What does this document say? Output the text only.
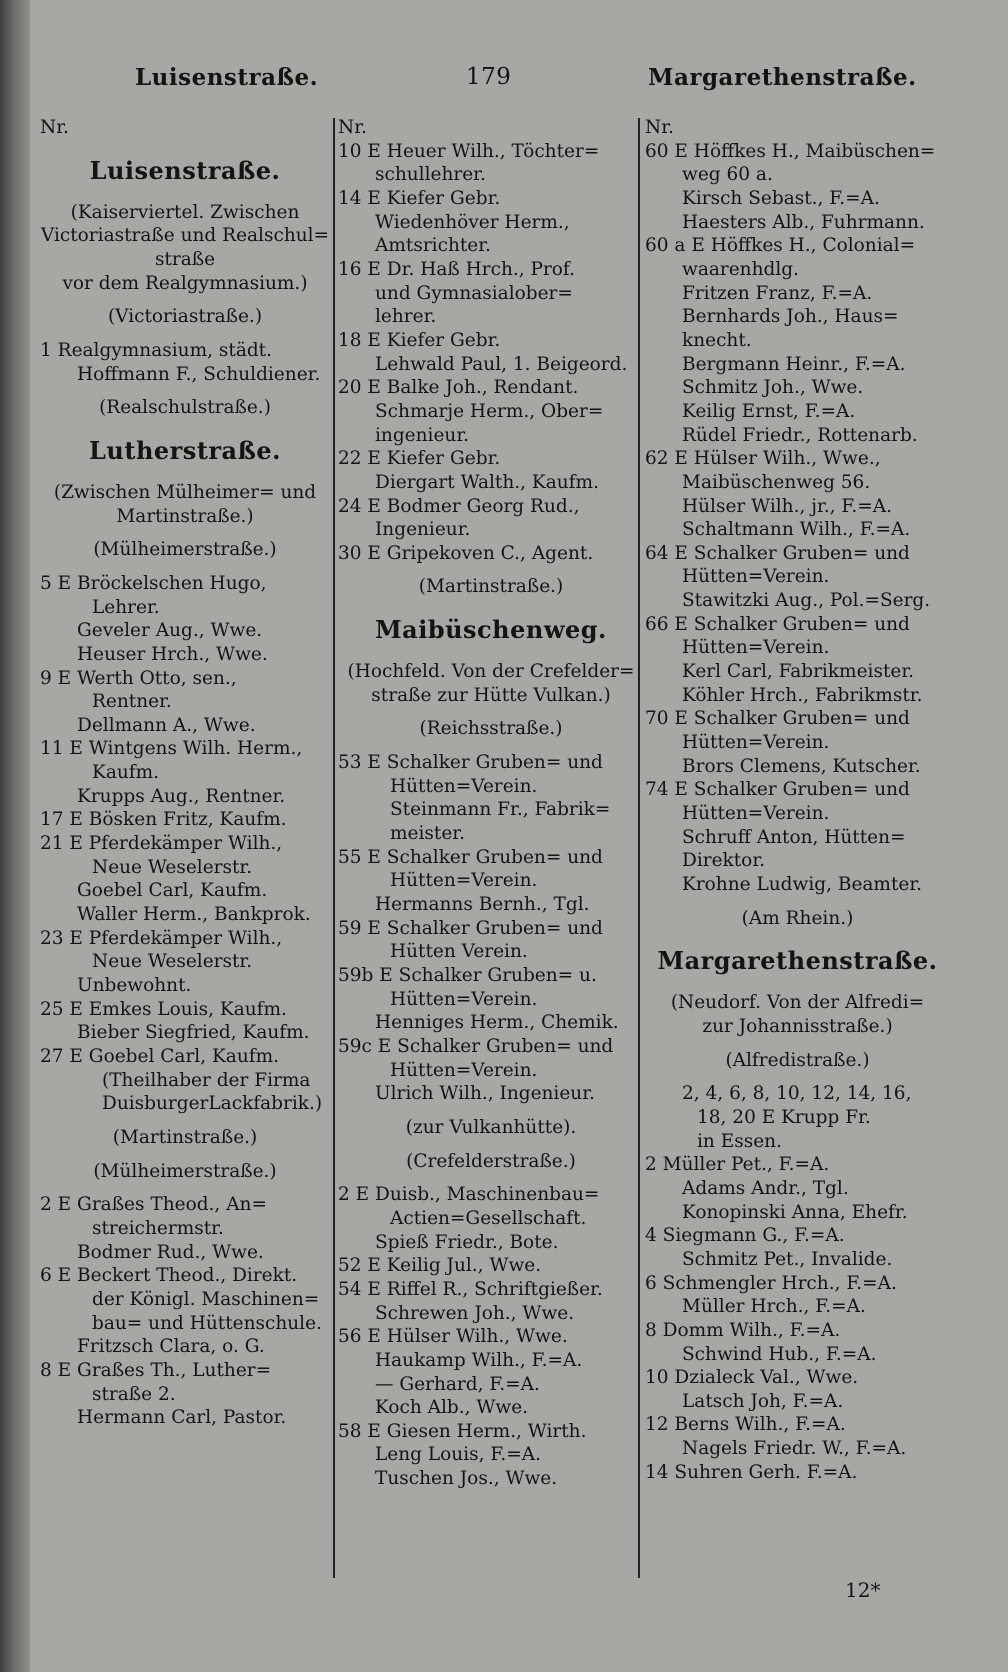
Luisenstraße.	179	Margarethenstraße.
Nr.
Luisenstraße.
(Kaiserviertel. Zwischen
Victoriastraße und Realschul=
straße
vor dem Realgymnasium.)
(Victoriastraße.)
1 Realgymnasium, städt.
Hoffmann F., Schuldiener.
(Realschulstraße.)
Lutherstraße.
(Zwischen Mülheimer= und
Martinstraße.)
(Mülheimerstraße.)
5 E Bröckelschen Hugo,
Lehrer.
Geveler Aug., Wwe.
Heuser Hrch., Wwe.
9 E Werth Otto, sen.,
Rentner.
Dellmann A., Wwe.
11 E Wintgens Wilh. Herm.,
Kaufm.
Krupps Aug., Rentner.
17 E Bösken Fritz, Kaufm.
21 E Pferdekämper Wilh.,
Neue Weselerstr.
Goebel Carl, Kaufm.
Waller Herm., Bankprok.
23 E Pferdekämper Wilh.,
Neue Weselerstr.
Unbewohnt.
25 E Emkes Louis, Kaufm.
Bieber Siegfried, Kaufm.
27 E Goebel Carl, Kaufm.
(Theilhaber der Firma
DuisburgerLackfabrik.)
(Martinstraße.)
(Mülheimerstraße.)
2 E Graßes Theod., An=
streichermstr.
Bodmer Rud., Wwe.
6 E Beckert Theod., Direkt.
der Königl. Maschinen=
bau= und Hüttenschule.
Fritzsch Clara, o. G.
8 E Graßes Th., Luther=
straße 2.
Hermann Carl, Pastor.
Nr.
10 E Heuer Wilh., Töchter=
schullehrer.
14 E Kiefer Gebr.
Wiedenhöver Herm.,
Amtsrichter.
16 E Dr. Haß Hrch., Prof.
und Gymnasialober=
lehrer.
18 E Kiefer Gebr.
Lehwald Paul, 1. Beigeord.
20 E Balke Joh., Rendant.
Schmarje Herm., Ober=
ingenieur.
22 E Kiefer Gebr.
Diergart Walth., Kaufm.
24 E Bodmer Georg Rud.,
Ingenieur.
30 E Gripekoven C., Agent.
(Martinstraße.)
Maibüschenweg.
(Hochfeld. Von der Crefelder=
straße zur Hütte Vulkan.)
(Reichsstraße.)
53 E Schalker Gruben= und
Hütten=Verein.
Steinmann Fr., Fabrik=
meister.
55 E Schalker Gruben= und
Hütten=Verein.
Hermanns Bernh., Tgl.
59 E Schalker Gruben= und
Hütten Verein.
59b E Schalker Gruben= u.
Hütten=Verein.
Henniges Herm., Chemik.
59c E Schalker Gruben= und
Hütten=Verein.
Ulrich Wilh., Ingenieur.
(zur Vulkanhütte).
(Crefelderstraße.)
2 E Duisb., Maschinenbau=
Actien=Gesellschaft.
Spieß Friedr., Bote.
52 E Keilig Jul., Wwe.
54 E Riffel R., Schriftgießer.
Schrewen Joh., Wwe.
56 E Hülser Wilh., Wwe.
Haukamp Wilh., F.=A.
— Gerhard, F.=A.
Koch Alb., Wwe.
58 E Giesen Herm., Wirth.
Leng Louis, F.=A.
Tuschen Jos., Wwe.
Nr.
60 E Höffkes H., Maibüschen=
weg 60 a.
Kirsch Sebast., F.=A.
Haesters Alb., Fuhrmann.
60 a E Höffkes H., Colonial=
waarenhdlg.
Fritzen Franz, F.=A.
Bernhards Joh., Haus=
knecht.
Bergmann Heinr., F.=A.
Schmitz Joh., Wwe.
Keilig Ernst, F.=A.
Rüdel Friedr., Rottenarb.
62 E Hülser Wilh., Wwe.,
Maibüschenweg 56.
Hülser Wilh., jr., F.=A.
Schaltmann Wilh., F.=A.
64 E Schalker Gruben= und
Hütten=Verein.
Stawitzki Aug., Pol.=Serg.
66 E Schalker Gruben= und
Hütten=Verein.
Kerl Carl, Fabrikmeister.
Köhler Hrch., Fabrikmstr.
70 E Schalker Gruben= und
Hütten=Verein.
Brors Clemens, Kutscher.
74 E Schalker Gruben= und
Hütten=Verein.
Schruff Anton, Hütten=
Direktor.
Krohne Ludwig, Beamter.
(Am Rhein.)
Margarethenstraße.
(Neudorf. Von der Alfredi=
zur Johannisstraße.)
(Alfredistraße.)
2, 4, 6, 8, 10, 12, 14, 16,
18, 20 E Krupp Fr.
in Essen.
2 Müller Pet., F.=A.
Adams Andr., Tgl.
Konopinski Anna, Ehefr.
4 Siegmann G., F.=A.
Schmitz Pet., Invalide.
6 Schmengler Hrch., F.=A.
Müller Hrch., F.=A.
8 Domm Wilh., F.=A.
Schwind Hub., F.=A.
10 Dzialeck Val., Wwe.
Latsch Joh, F.=A.
12 Berns Wilh., F.=A.
Nagels Friedr. W., F.=A.
14 Suhren Gerh. F.=A.
12*
